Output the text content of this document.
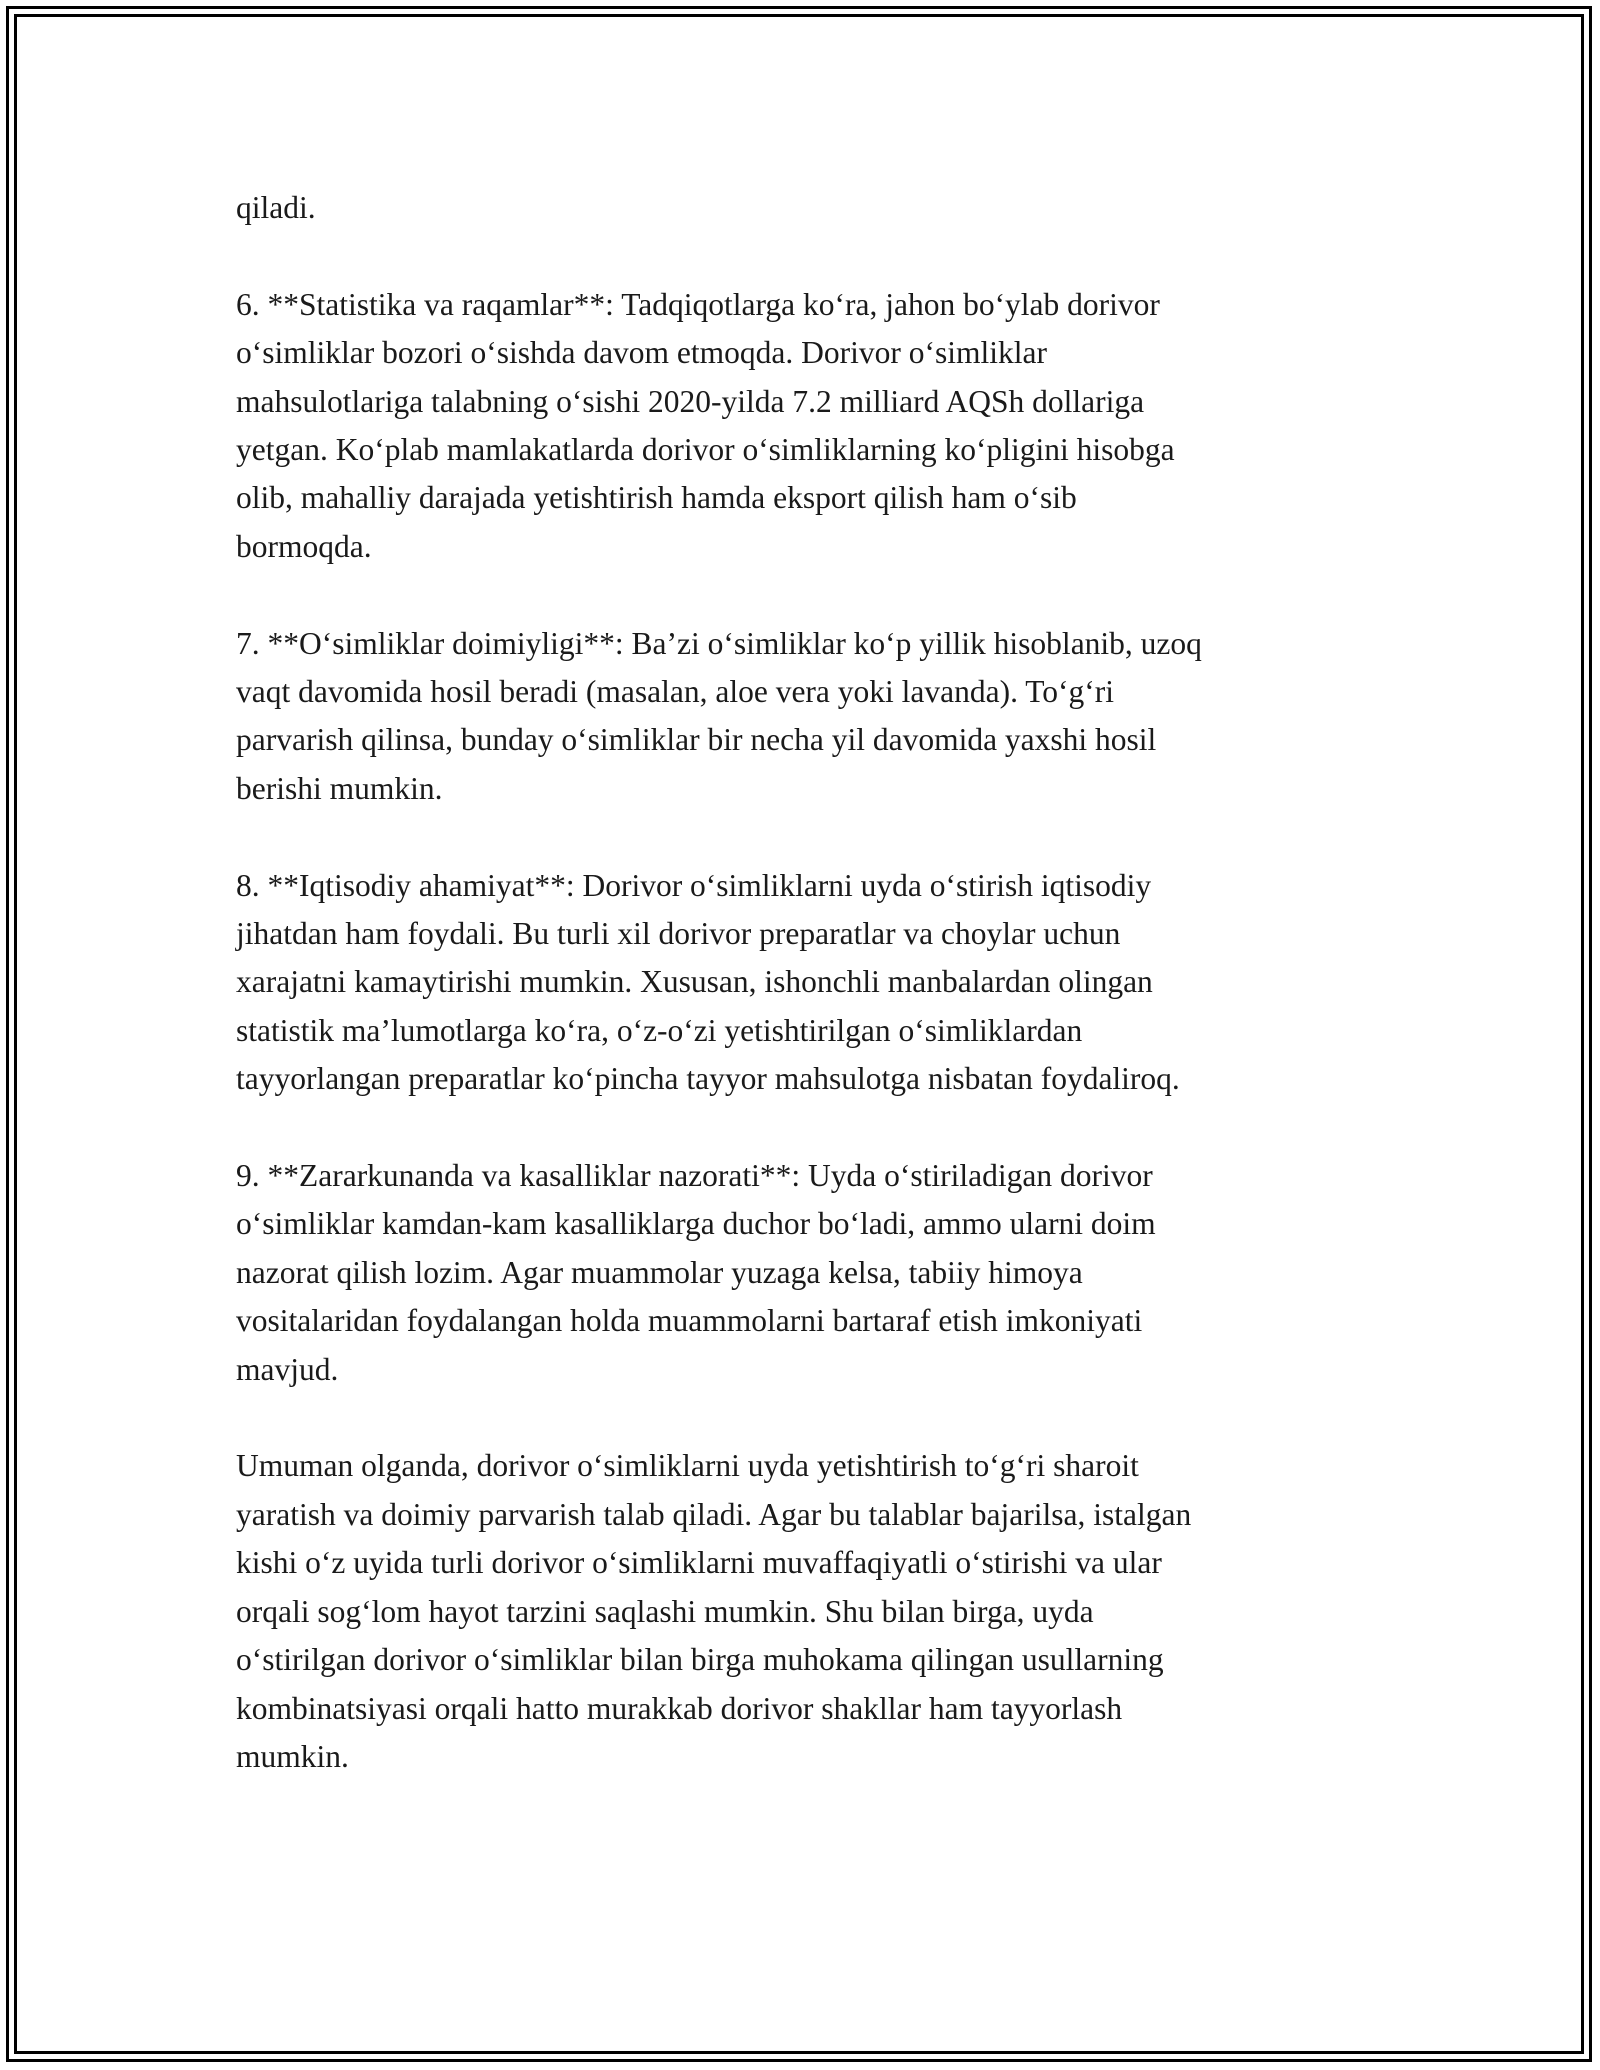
qiladi.

6. **Statistika va raqamlar**: Tadqiqotlarga ko‘ra, jahon bo‘ylab dorivor
o‘simliklar bozori o‘sishda davom etmoqda. Dorivor o‘simliklar
mahsulotlariga talabning o‘sishi 2020-yilda 7.2 milliard AQSh dollariga
yetgan. Ko‘plab mamlakatlarda dorivor o‘simliklarning ko‘pligini hisobga
olib, mahalliy darajada yetishtirish hamda eksport qilish ham o‘sib
bormoqda.

7. **O‘simliklar doimiyligi**: Ba’zi o‘simliklar ko‘p yillik hisoblanib, uzoq
vaqt davomida hosil beradi (masalan, aloe vera yoki lavanda). To‘g‘ri
parvarish qilinsa, bunday o‘simliklar bir necha yil davomida yaxshi hosil
berishi mumkin.

8. **Iqtisodiy ahamiyat**: Dorivor o‘simliklarni uyda o‘stirish iqtisodiy
jihatdan ham foydali. Bu turli xil dorivor preparatlar va choylar uchun
xarajatni kamaytirishi mumkin. Xususan, ishonchli manbalardan olingan
statistik ma’lumotlarga ko‘ra, o‘z-o‘zi yetishtirilgan o‘simliklardan
tayyorlangan preparatlar ko‘pincha tayyor mahsulotga nisbatan foydaliroq.

9. **Zararkunanda va kasalliklar nazorati**: Uyda o‘stiriladigan dorivor
o‘simliklar kamdan-kam kasalliklarga duchor bo‘ladi, ammo ularni doim
nazorat qilish lozim. Agar muammolar yuzaga kelsa, tabiiy himoya
vositalaridan foydalangan holda muammolarni bartaraf etish imkoniyati
mavjud.

Umuman olganda, dorivor o‘simliklarni uyda yetishtirish to‘g‘ri sharoit
yaratish va doimiy parvarish talab qiladi. Agar bu talablar bajarilsa, istalgan
kishi o‘z uyida turli dorivor o‘simliklarni muvaffaqiyatli o‘stirishi va ular
orqali sog‘lom hayot tarzini saqlashi mumkin. Shu bilan birga, uyda
o‘stirilgan dorivor o‘simliklar bilan birga muhokama qilingan usullarning
kombinatsiyasi orqali hatto murakkab dorivor shakllar ham tayyorlash
mumkin.
